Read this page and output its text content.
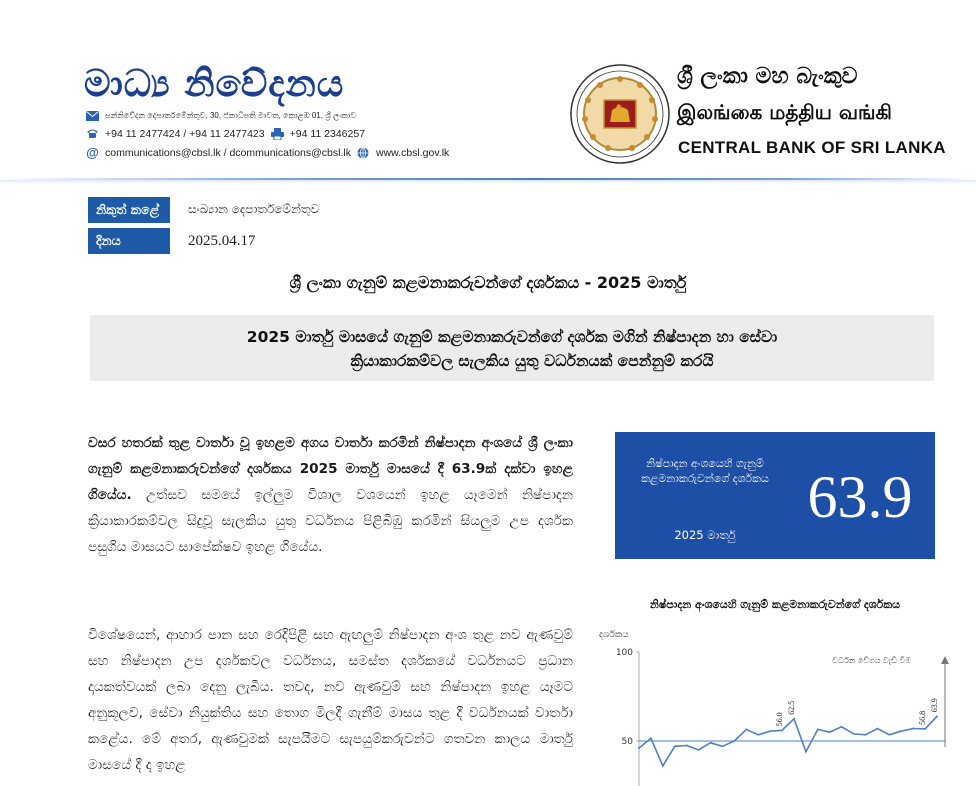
මාධ්‍ය නිවේදනය
සන්නිවේදන දෙපාර්තමේන්තුව, 30, ජනාධිපති මාවත, කොළඹ 01, ශ්‍රී ලංකාව
+94 11 2477424 / +94 11 2477423 +94 11 2346257
@ communications@cbsl.lk / dcommunications@cbsl.lk www.cbsl.gov.lk
ශ්‍රී ලංකා මහ බැංකුව
இலங்கை மத்திய வங்கி
CENTRAL BANK OF SRI LANKA
නිකුත් කළේ	සංඛ්‍යාන දෙපාර්තමේන්තුව
දිනය	2025.04.17
ශ්‍රී ලංකා ගැනුම් කළමනාකරුවන්ගේ දර්ශකය - 2025 මාර්තු
2025 මාර්තු මාසයේ ගැනුම් කළමනාකරුවන්ගේ දර්ශක මගින් නිෂ්පාදන හා සේවා
ක්‍රියාකාරකම්වල සැලකිය යුතු වර්ධනයක් පෙන්නුම් කරයි

වසර හතරක් තුළ වාර්තා වූ ඉහළම අගය වාර්තා කරමින් නිෂ්පාදන අංශයේ ශ්‍රී ලංකා ගැනුම් කළමනාකරුවන්ගේ දර්ශකය 2025 මාර්තු මාසයේ දී 63.9ක් දක්වා ඉහළ ගියේය. උත්සව සමයේ ඉල්ලුම විශාල වශයෙන් ඉහළ යෑමෙන් නිෂ්පාදන ක්‍රියාකාරකම්වල සිදුවූ සැලකිය යුතු වර්ධනය පිළිබිඹු කරමින් සියලුම උප දර්ශක පසුගිය මාසයට සාපේක්ෂව ඉහළ ගියේය.

විශේෂයෙන්, ආහාර පාන සහ රෙදිපිළි සහ ඇඟලුම් නිෂ්පාදන අංශ තුළ නව ඇණවුම් සහ නිෂ්පාදන උප දර්ශකවල වර්ධනය, සමස්ත දර්ශකයේ වර්ධනයට ප්‍රධාන දායකත්වයක් ලබා දෙනු ලැබීය. තවද, නව ඇණවුම් සහ නිෂ්පාදන ඉහළ යෑමට අනුකූලව, සේවා නියුක්තිය සහ තොග මිලදී ගැනීම් මාසය තුළ දී වර්ධනයක් වාර්තා කළේය. මේ අතර, ඇණවුමක් සැපයීමට සැපයුම්කරුවන්ට ගතවන කාලය මාර්තු මාසයේ දී ද ඉහළ

නිෂ්පාදන අංශයෙහි ගැනුම් කළමනාකරුවන්ගේ දර්ශකය
2025 මාර්තු
63.9
නිෂ්පාදන අංශයෙහි ගැනුම් කළමනාකරුවන්ගේ දර්ශකය
දර්ශකය
වර්ධන වේගය වැඩි වීම
50
100
56.0
62.5
56.8
63.9
